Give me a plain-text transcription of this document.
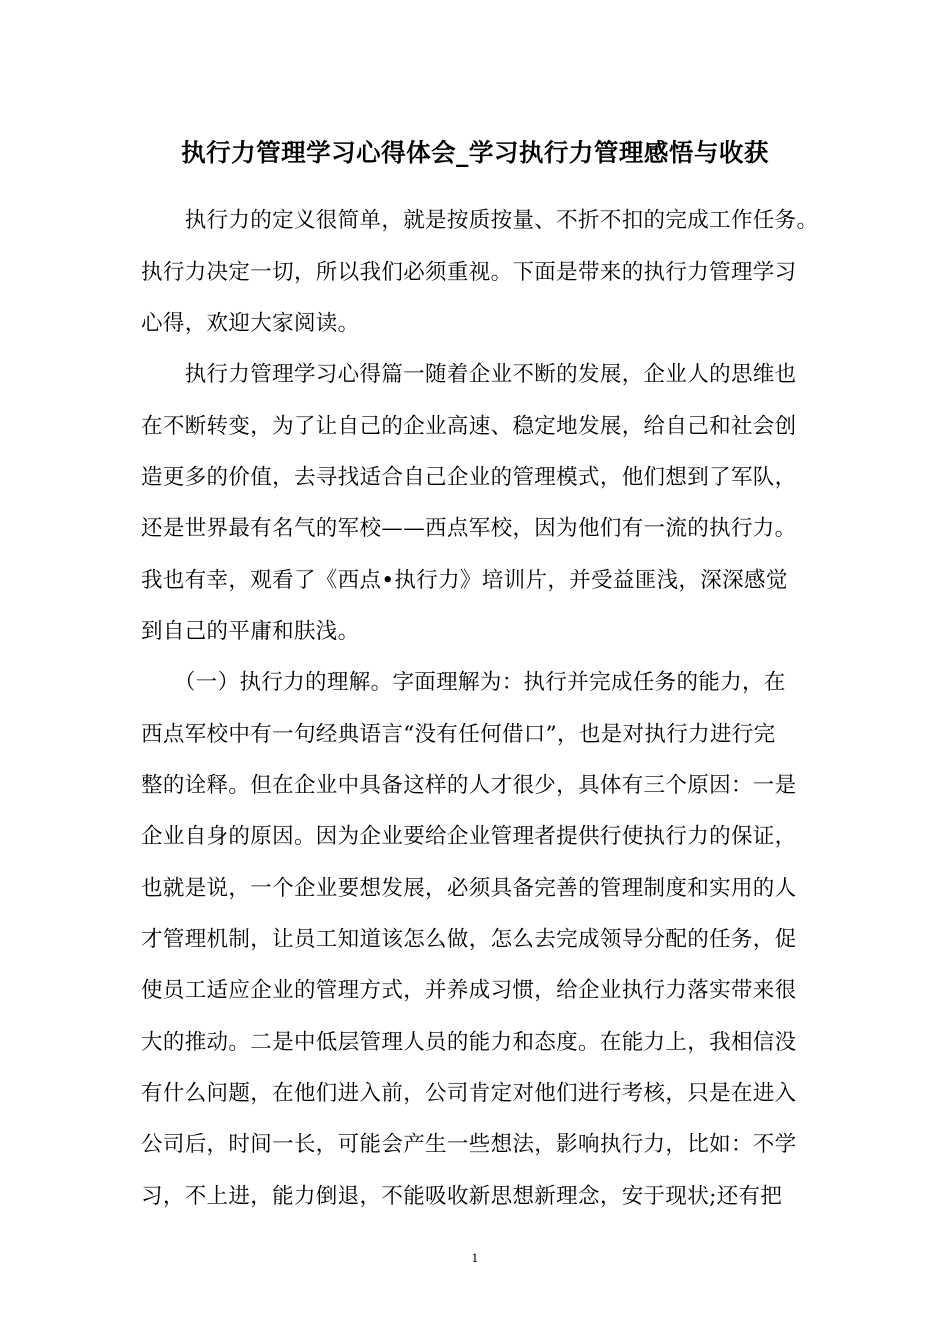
执行力管理学习心得体会_学习执行力管理感悟与收获
　　执行力的定义很简单，就是按质按量、不折不扣的完成工作任务。
执行力决定一切，所以我们必须重视。下面是带来的执行力管理学习
心得，欢迎大家阅读。
　　执行力管理学习心得篇一随着企业不断的发展，企业人的思维也
在不断转变，为了让自己的企业高速、稳定地发展，给自己和社会创
造更多的价值，去寻找适合自己企业的管理模式，他们想到了军队，
还是世界最有名气的军校——西点军校，因为他们有一流的执行力。
我也有幸，观看了《西点•执行力》培训片，并受益匪浅，深深感觉
到自己的平庸和肤浅。
　　（一）执行力的理解。字面理解为：执行并完成任务的能力，在
西点军校中有一句经典语言“没有任何借口”，也是对执行力进行完
整的诠释。但在企业中具备这样的人才很少，具体有三个原因：一是
企业自身的原因。因为企业要给企业管理者提供行使执行力的保证，
也就是说，一个企业要想发展，必须具备完善的管理制度和实用的人
才管理机制，让员工知道该怎么做，怎么去完成领导分配的任务，促
使员工适应企业的管理方式，并养成习惯，给企业执行力落实带来很
大的推动。二是中低层管理人员的能力和态度。在能力上，我相信没
有什么问题，在他们进入前，公司肯定对他们进行考核，只是在进入
公司后，时间一长，可能会产生一些想法，影响执行力，比如：不学
习，不上进，能力倒退，不能吸收新思想新理念，安于现状;还有把
1
